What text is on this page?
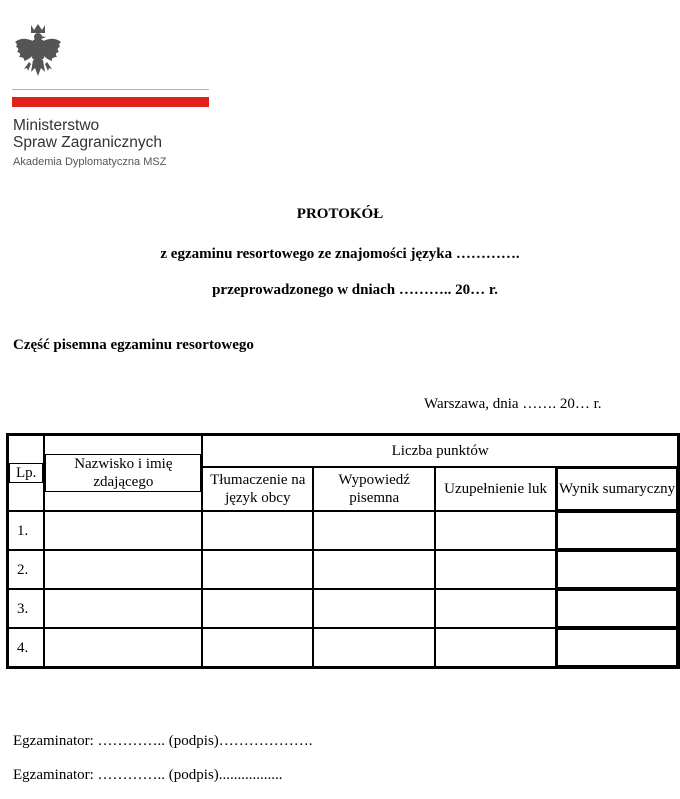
Ministerstwo
Spraw Zagranicznych
Akademia Dyplomatyczna MSZ
PROTOKÓŁ
z egzaminu resortowego ze znajomości języka ………….
przeprowadzonego w dniach ……….. 20… r.
Część pisemna egzaminu resortowego
Warszawa, dnia ……. 20… r.
Lp.	Nazwisko i imię zdającego	Liczba punktów			
		Tłumaczenie na język obcy	Wypowiedź pisemna	Uzupełnienie luk	Wynik sumaryczny
1.					
2.					
3.					
4.					
Egzaminator: ………….. (podpis)……………….
Egzaminator: ………….. (podpis).................
